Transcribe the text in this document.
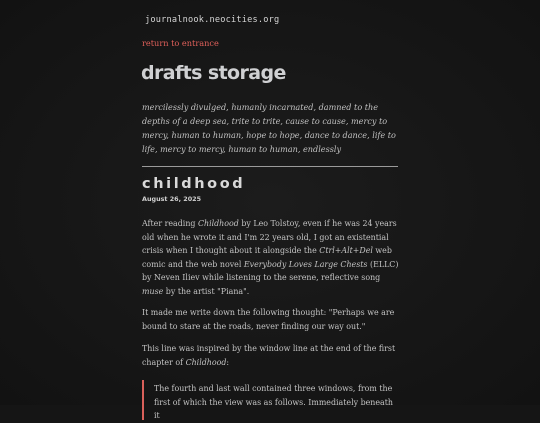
journalnook.neocities.org
return to entrance
drafts storage

mercilessly divulged, humanly incarnated, damned to the depths of a deep sea, trite to trite, cause to cause, mercy to mercy, human to human, hope to hope, dance to dance, life to life, mercy to mercy, human to human, endlessly

childhood
August 26, 2025

After reading Childhood by Leo Tolstoy, even if he was 24 years old when he wrote it and I'm 22 years old, I got an existential crisis when I thought about it alongside the Ctrl+Alt+Del web comic and the web novel Everybody Loves Large Chests (ELLC) by Neven Iliev while listening to the serene, reflective song muse by the artist "Piana".

It made me write down the following thought: "Perhaps we are bound to stare at the roads, never finding our way out."

This line was inspired by the window line at the end of the first chapter of Childhood:

The fourth and last wall contained three windows, from the first of which the view was as follows. Immediately beneath it
